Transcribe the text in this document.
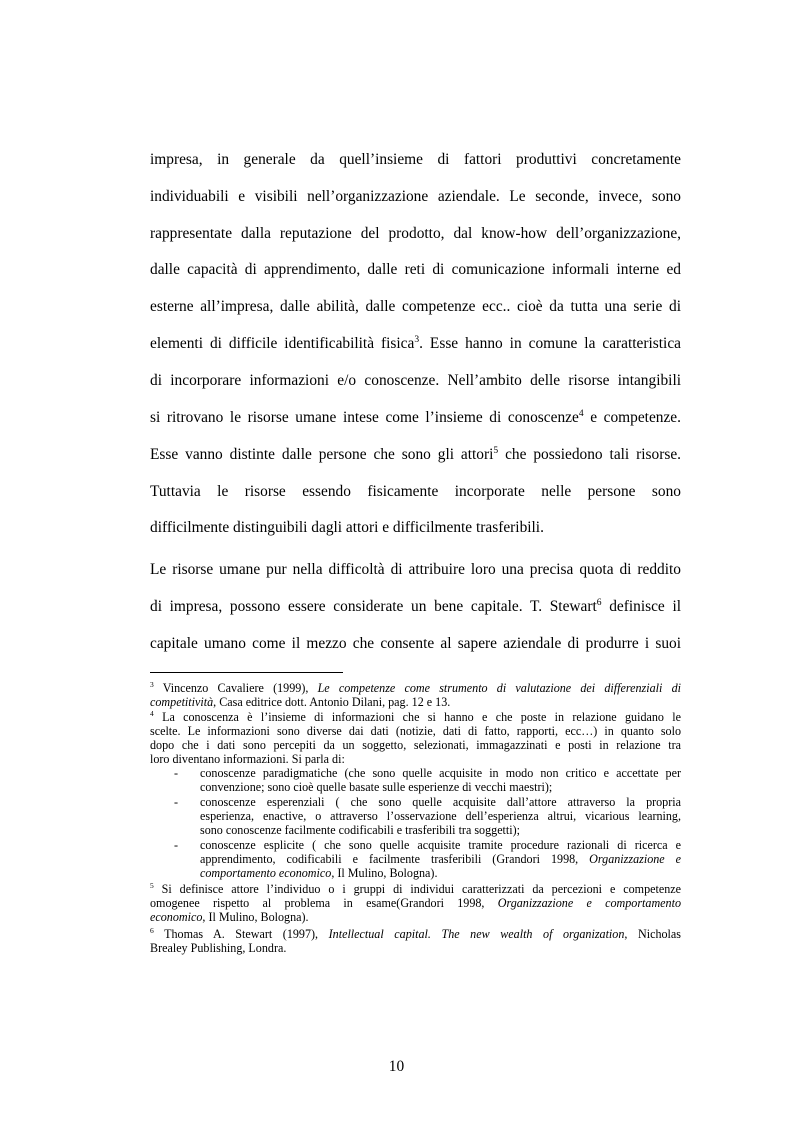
impresa, in generale da quell’insieme di fattori produttivi concretamente
individuabili e visibili nell’organizzazione aziendale. Le seconde, invece, sono
rappresentate dalla reputazione del prodotto, dal know-how dell’organizzazione,
dalle capacità di apprendimento, dalle reti di comunicazione informali interne ed
esterne all’impresa, dalle abilità, dalle competenze ecc.. cioè da tutta una serie di
elementi di difficile identificabilità fisica$^3$. Esse hanno in comune la caratteristica
di incorporare informazioni e/o conoscenze. Nell’ambito delle risorse intangibili
si ritrovano le risorse umane intese come l’insieme di conoscenze$^4$ e competenze.
Esse vanno distinte dalle persone che sono gli attori$^5$ che possiedono tali risorse.
Tuttavia le risorse essendo fisicamente incorporate nelle persone sono
difficilmente distinguibili dagli attori e difficilmente trasferibili.
Le risorse umane pur nella difficoltà di attribuire loro una precisa quota di reddito
di impresa, possono essere considerate un bene capitale. T. Stewart$^6$ definisce il
capitale umano come il mezzo che consente al sapere aziendale di produrre i suoi
$^3$ Vincenzo Cavaliere (1999), Le competenze come strumento di valutazione dei differenziali di
competitività, Casa editrice dott. Antonio Dilani, pag. 12 e 13.
$^4$ La conoscenza è l’insieme di informazioni che si hanno e che poste in relazione guidano le
scelte. Le informazioni sono diverse dai dati (notizie, dati di fatto, rapporti, ecc…) in quanto solo
dopo che i dati sono percepiti da un soggetto, selezionati, immagazzinati e posti in relazione tra
loro diventano informazioni. Si parla di:
- conoscenze paradigmatiche (che sono quelle acquisite in modo non critico e accettate per
convenzione; sono cioè quelle basate sulle esperienze di vecchi maestri);
- conoscenze esperenziali ( che sono quelle acquisite dall’attore attraverso la propria
esperienza, enactive, o attraverso l’osservazione dell’esperienza altrui, vicarious learning,
sono conoscenze facilmente codificabili e trasferibili tra soggetti);
- conoscenze esplicite ( che sono quelle acquisite tramite procedure razionali di ricerca e
apprendimento, codificabili e facilmente trasferibili (Grandori 1998, Organizzazione e
comportamento economico, Il Mulino, Bologna).
$^5$ Si definisce attore l’individuo o i gruppi di individui caratterizzati da percezioni e competenze
omogenee rispetto al problema in esame(Grandori 1998, Organizzazione e comportamento
economico, Il Mulino, Bologna).
$^6$ Thomas A. Stewart (1997), Intellectual capital. The new wealth of organization, Nicholas
Brealey Publishing, Londra.
10
